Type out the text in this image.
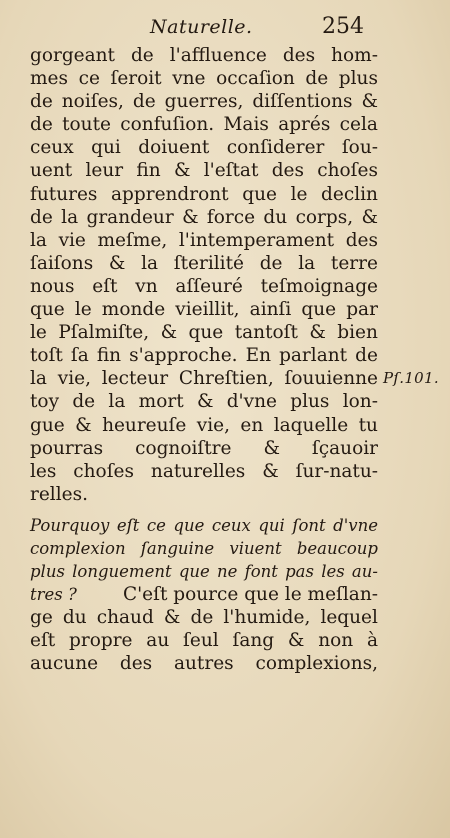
Naturelle.	254
gorgeant de l'affluence des hom-
mes ce ſeroit vne occaſion de plus
de noiſes, de guerres, diſſentions &
de toute confuſion. Mais aprés cela
ceux qui doiuent conſiderer ſou-
uent leur fin & l'eſtat des choſes
futures apprendront que le declin
de la grandeur & force du corps, &
la vie meſme, l'intemperament des
ſaiſons & la ſterilité de la terre
nous eſt vn aſſeuré teſmoignage
que le monde vieillit, ainſi que par
le Pſalmiſte, & que tantoſt & bien
toſt ſa fin s'approche. En parlant de
la vie, lecteur Chreſtien, ſouuienne
toy de la mort & d'vne plus lon-
gue & heureuſe vie, en laquelle tu
pourras cognoiſtre & ſçauoir
les choſes naturelles & ſur-natu-
relles.
Pourquoy eſt ce que ceux qui ſont d'vne
complexion ſanguine viuent beaucoup
plus longuement que ne font pas les au-
tres ? C'eſt pource que le meſlan-
ge du chaud & de l'humide, lequel
eſt propre au ſeul ſang & non à
aucune des autres complexions,
Pſ.101.
